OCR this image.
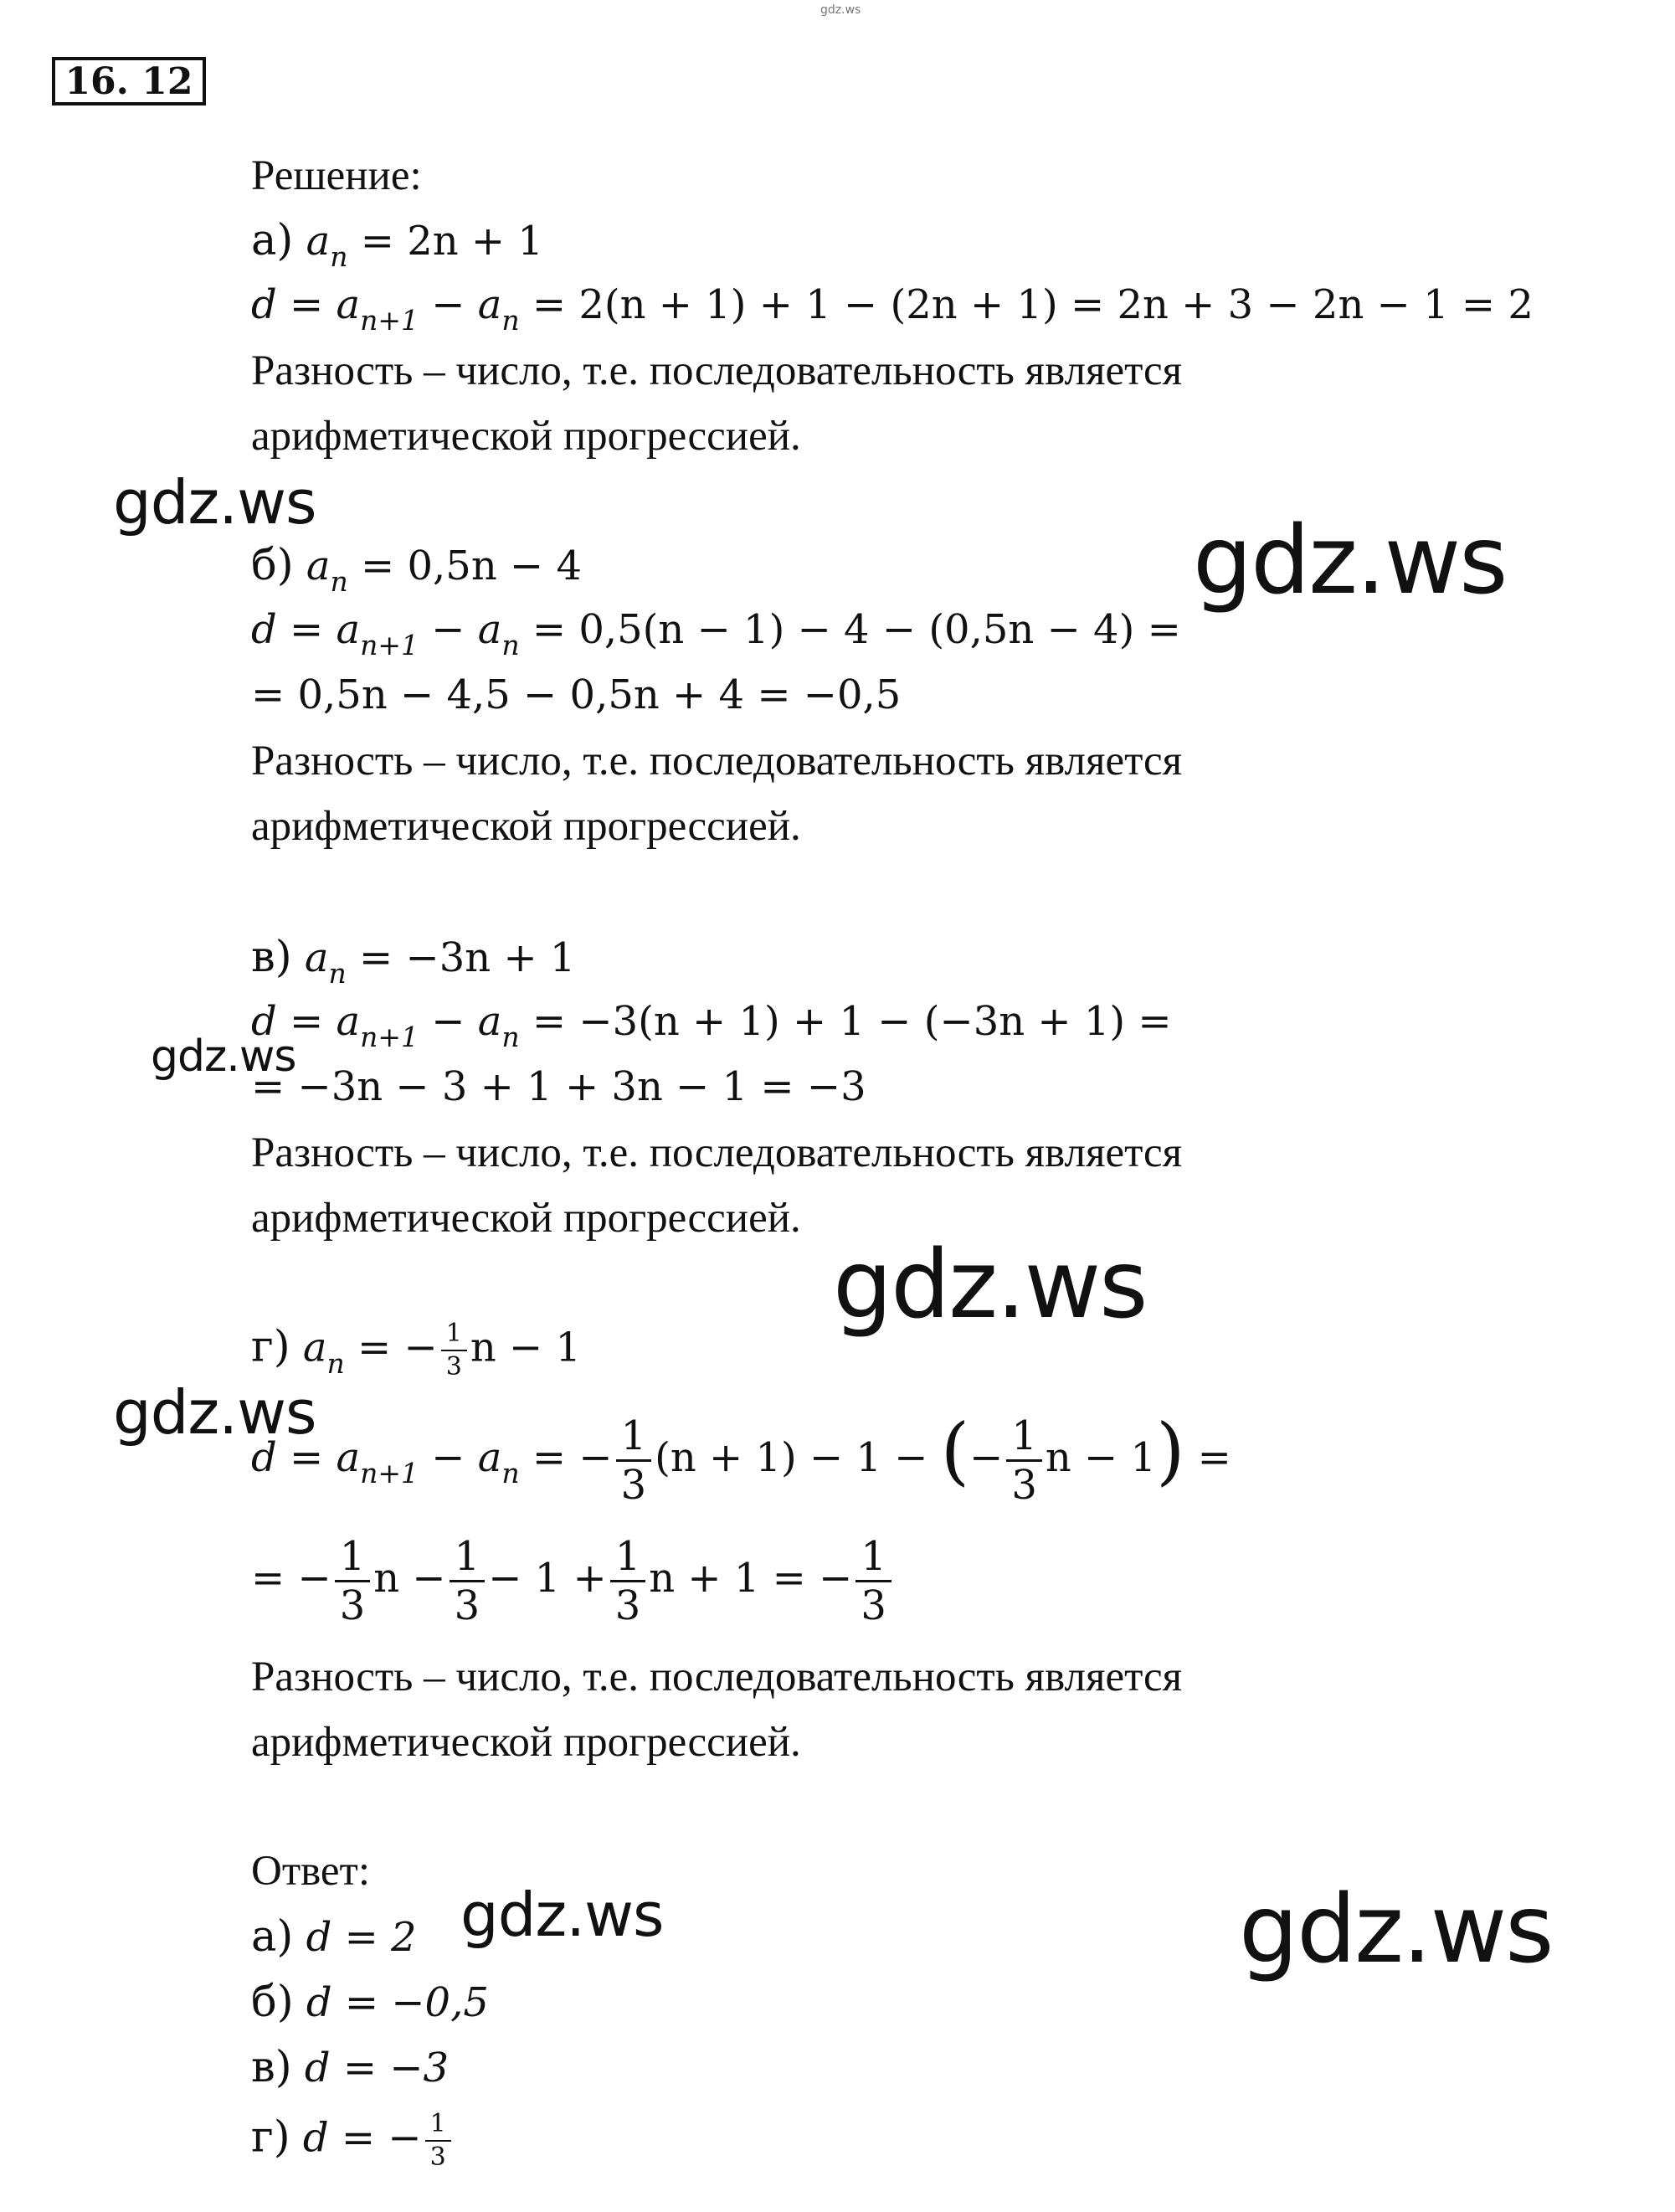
gdz.ws
16. 12
Решение:
а) $a_n = 2n + 1$
$d = a_{n+1} - a_n = 2(n + 1) + 1 - (2n + 1) = 2n + 3 - 2n - 1 = 2$
Разность – число, т.е. последовательность является
арифметической прогрессией.
б) $a_n = 0,5n - 4$
$d = a_{n+1} - a_n = 0,5(n - 1) - 4 - (0,5n - 4)$ =
= 0,5n − 4,5 − 0,5n + 4 = −0,5
Разность – число, т.е. последовательность является
арифметической прогрессией.
в) $a_n = -3n + 1$
$d = a_{n+1} - a_n = -3(n + 1) + 1 - (-3n + 1)$ =
= −3n − 3 + 1 + 3n − 1 = −3
Разность – число, т.е. последовательность является
арифметической прогрессией.
г) $a_n$ = − $\frac{1}{3}$ n − 1
$d = a_{n+1} - a_n$ = − $\frac{1}{3} (n + 1) - 1$ − (− $\frac{1}{3}$ n − 1) =
= − $\frac{1}{3}$ $n - \frac{1}{3} - 1 + \frac{1}{3}$ n + 1 = − $\frac{1}{3}$
Разность – число, т.е. последовательность является
арифметической прогрессией.
Ответ:
а) d = 2
б) d = −0,5
в) d = −3
г) d = − $\frac{1}{3}$
gdz.ws
gdz.ws
gdz.ws
gdz.ws
gdz.ws
gdz.ws	gdz.ws
